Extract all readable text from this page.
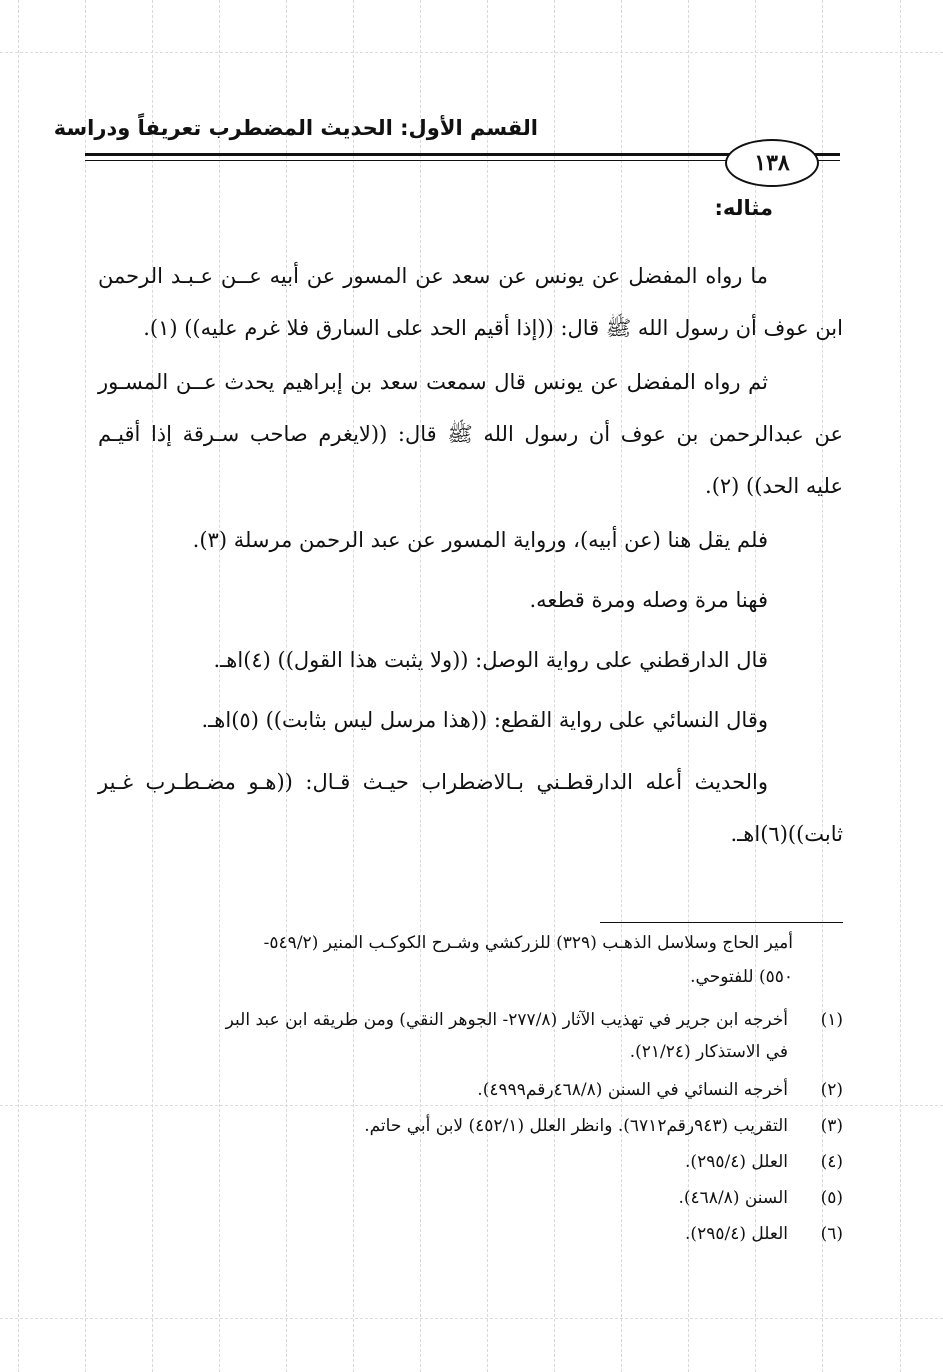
القسم الأول: الحديث المضطرب تعريفاً ودراسة
١٣٨
مثاله:
ما رواه المفضل عن يونس عن سعد عن المسور عن أبيه عــن عـبـد الرحمن
ابن عوف أن رسول الله ﷺ قال: ((إذا أقيم الحد على السارق فلا غرم عليه)) (١).
ثم رواه المفضل عن يونس قال سمعت سعد بن إبراهيم يحدث عــن المسـور
عن عبدالرحمن بن عوف أن رسول الله ﷺ قال: ((لايغرم صاحب سـرقة إذا أقيـم
عليه الحد)) (٢).
فلم يقل هنا (عن أبيه)، ورواية المسور عن عبد الرحمن مرسلة (٣).
فهنا مرة وصله ومرة قطعه.
قال الدارقطني على رواية الوصل: ((ولا يثبت هذا القول)) (٤)اهـ.
وقال النسائي على رواية القطع: ((هذا مرسل ليس بثابت)) (٥)اهـ.
والحديث أعله الدارقطـني بـالاضطراب حيـث قـال: ((هـو مضـطـرب غـير
ثابت))(٦)اهـ.
أمير الحاج وسلاسل الذهـب (٣٢٩) للزركشي وشـرح الكوكـب المنير (٥٤٩/٢-
٥٥٠) للفتوحي.
(١)
أخرجه ابن جرير في تهذيب الآثار (٢٧٧/٨- الجوهر النقي) ومن طريقه ابن عبد البر
في الاستذكار (٢١/٢٤).
(٢)
أخرجه النسائي في السنن (٤٦٨/٨رقم٤٩٩٩).
(٣)
التقريب (٩٤٣رقم٦٧١٢). وانظر العلل (٤٥٢/١) لابن أبي حاتم.
(٤)
العلل (٢٩٥/٤).
(٥)
السنن (٤٦٨/٨).
(٦)
العلل (٢٩٥/٤).
